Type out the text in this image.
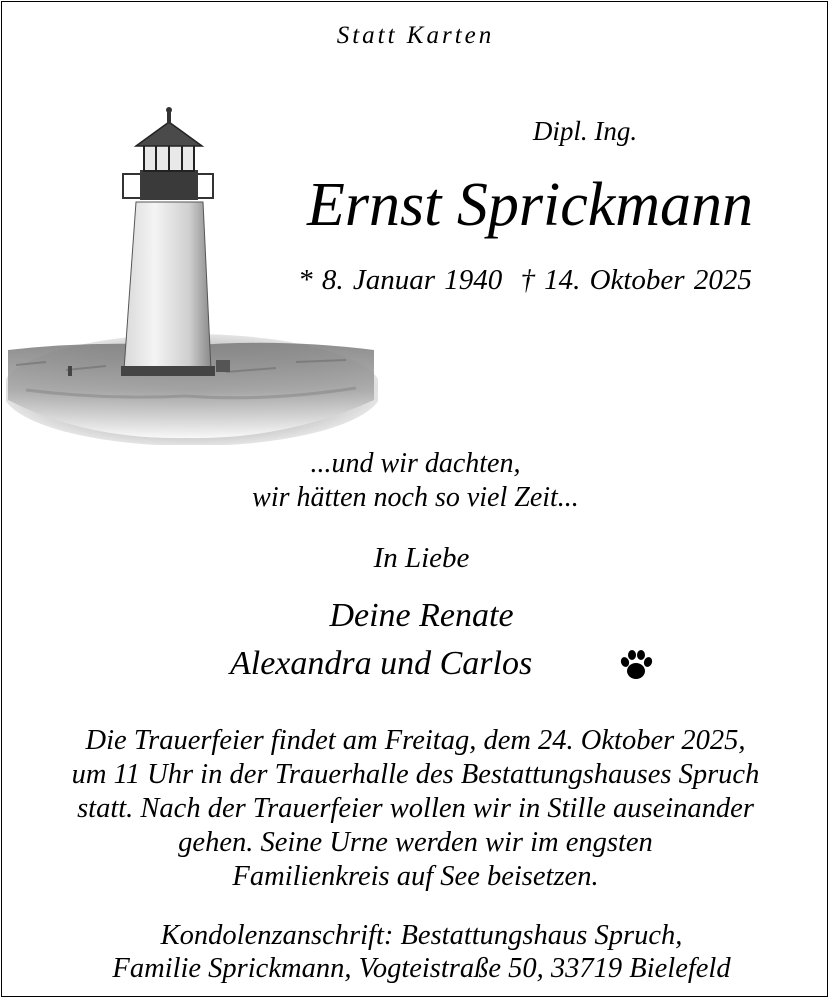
Statt Karten

Dipl. Ing.

Ernst Sprickmann

* 8. Januar 1940 † 14. Oktober 2025

...und wir dachten,

wir hätten noch so viel Zeit...

In Liebe

Deine Renate

Alexandra und Carlos

Die Trauerfeier findet am Freitag, dem 24. Oktober 2025,

um 11 Uhr in der Trauerhalle des Bestattungshauses Spruch

statt. Nach der Trauerfeier wollen wir in Stille auseinander

gehen. Seine Urne werden wir im engsten

Familienkreis auf See beisetzen.

Kondolenzanschrift: Bestattungshaus Spruch,

Familie Sprickmann, Vogteistraße 50, 33719 Bielefeld
